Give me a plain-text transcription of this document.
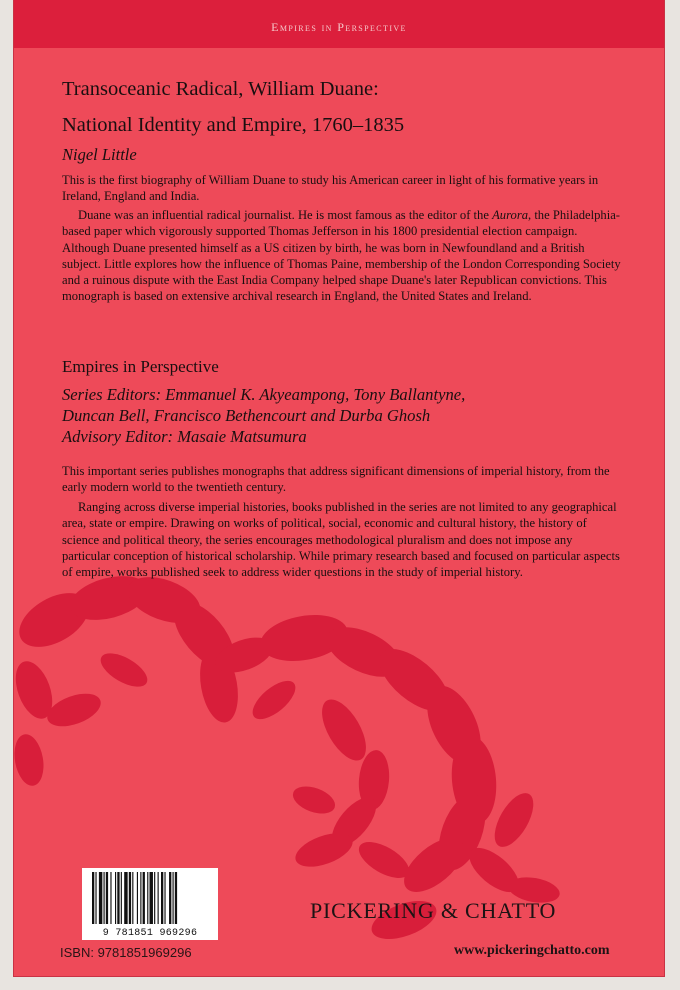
Empires in Perspective
Transoceanic Radical, William Duane:
National Identity and Empire, 1760–1835
Nigel Little
This is the first biography of William Duane to study his American career in light of his formative years in Ireland, England and India.
Duane was an influential radical journalist. He is most famous as the editor of the Aurora, the Philadelphia-based paper which vigorously supported Thomas Jefferson in his 1800 presidential election campaign. Although Duane presented himself as a US citizen by birth, he was born in Newfoundland and a British subject. Little explores how the influence of Thomas Paine, membership of the London Corresponding Society and a ruinous dispute with the East India Company helped shape Duane's later Republican convictions. This monograph is based on extensive archival research in England, the United States and Ireland.
Empires in Perspective
Series Editors: Emmanuel K. Akyeampong, Tony Ballantyne,
Duncan Bell, Francisco Bethencourt and Durba Ghosh
Advisory Editor: Masaie Matsumura
This important series publishes monographs that address significant dimensions of imperial history, from the early modern world to the twentieth century.
Ranging across diverse imperial histories, books published in the series are not limited to any geographical area, state or empire. Drawing on works of political, social, economic and cultural history, the history of science and political theory, the series encourages methodological pluralism and does not impose any particular conception of historical scholarship. While primary research based and focused on particular aspects of empire, works published seek to address wider questions in the study of imperial history.
PICKERING & CHATTO
www.pickeringchatto.com
9 781851 969296
ISBN: 9781851969296
